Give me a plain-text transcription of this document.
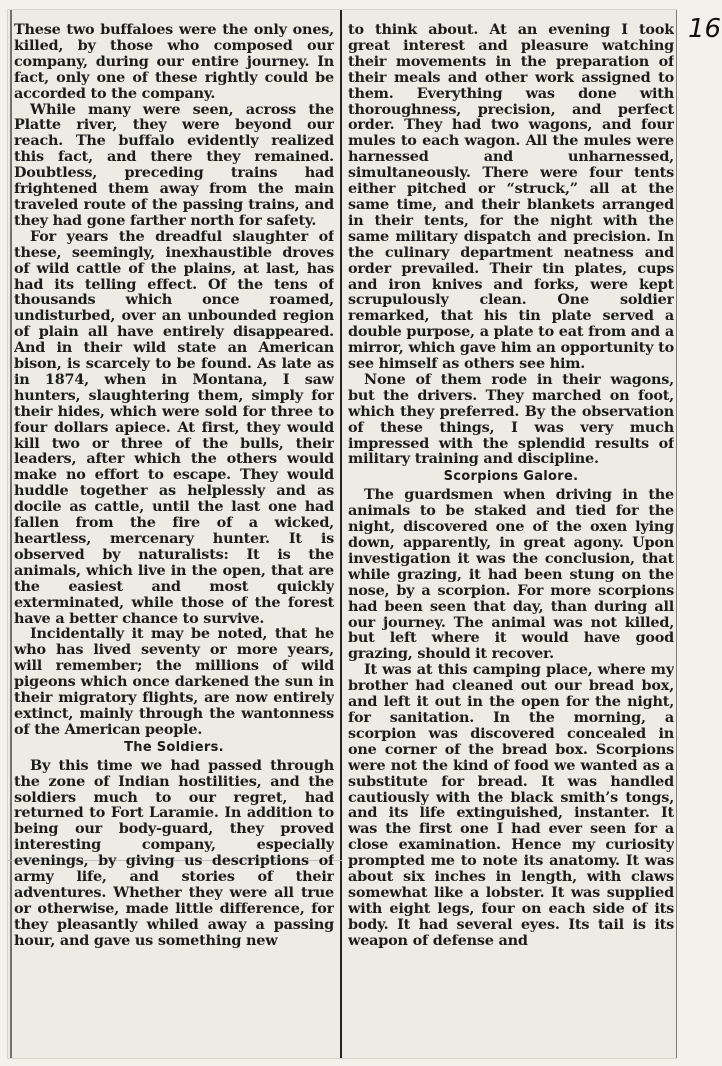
16

These two buffaloes were the only ones, killed, by those who composed our company, during our entire journey. In fact, only one of these rightly could be accorded to the company.

While many were seen, across the Platte river, they were beyond our reach. The buffalo evidently realized this fact, and there they remained. Doubtless, preceding trains had frightened them away from the main traveled route of the passing trains, and they had gone farther north for safety.

For years the dreadful slaughter of these, seemingly, inexhaustible droves of wild cattle of the plains, at last, has had its telling effect. Of the tens of thousands which once roamed, undisturbed, over an unbounded region of plain all have entirely disappeared. And in their wild state an American bison, is scarcely to be found. As late as in 1874, when in Montana, I saw hunters, slaughtering them, simply for their hides, which were sold for three to four dollars apiece. At first, they would kill two or three of the bulls, their leaders, after which the others would make no effort to escape. They would huddle together as helplessly and as docile as cattle, until the last one had fallen from the fire of a wicked, heartless, mercenary hunter. It is observed by naturalists: It is the animals, which live in the open, that are the easiest and most quickly exterminated, while those of the forest have a better chance to survive.

Incidentally it may be noted, that he who has lived seventy or more years, will remember; the millions of wild pigeons which once darkened the sun in their migratory flights, are now entirely extinct, mainly through the wantonness of the American people.

The Soldiers.

By this time we had passed through the zone of Indian hostilities, and the soldiers much to our regret, had returned to Fort Laramie. In addition to being our body-guard, they proved interesting company, especially evenings, by giving us descriptions of army life, and stories of their adventures. Whether they were all true or otherwise, made little difference, for they pleasantly whiled away a passing hour, and gave us something new

to think about. At an evening I took great interest and pleasure watching their movements in the preparation of their meals and other work assigned to them. Everything was done with thoroughness, precision, and perfect order. They had two wagons, and four mules to each wagon. All the mules were harnessed and unharnessed, simultaneously. There were four tents either pitched or “struck,” all at the same time, and their blankets arranged in their tents, for the night with the same military dispatch and precision. In the culinary department neatness and order prevailed. Their tin plates, cups and iron knives and forks, were kept scrupulously clean. One soldier remarked, that his tin plate served a double purpose, a plate to eat from and a mirror, which gave him an opportunity to see himself as others see him.

None of them rode in their wagons, but the drivers. They marched on foot, which they preferred. By the observation of these things, I was very much impressed with the splendid results of military training and discipline.

Scorpions Galore.

The guardsmen when driving in the animals to be staked and tied for the night, discovered one of the oxen lying down, apparently, in great agony. Upon investigation it was the conclusion, that while grazing, it had been stung on the nose, by a scorpion. For more scorpions had been seen that day, than during all our journey. The animal was not killed, but left where it would have good grazing, should it recover.

It was at this camping place, where my brother had cleaned out our bread box, and left it out in the open for the night, for sanitation. In the morning, a scorpion was discovered concealed in one corner of the bread box. Scorpions were not the kind of food we wanted as a substitute for bread. It was handled cautiously with the black smith’s tongs, and its life extinguished, instanter. It was the first one I had ever seen for a close examination. Hence my curiosity prompted me to note its anatomy. It was about six inches in length, with claws somewhat like a lobster. It was supplied with eight legs, four on each side of its body. It had several eyes. Its tail is its weapon of defense and
